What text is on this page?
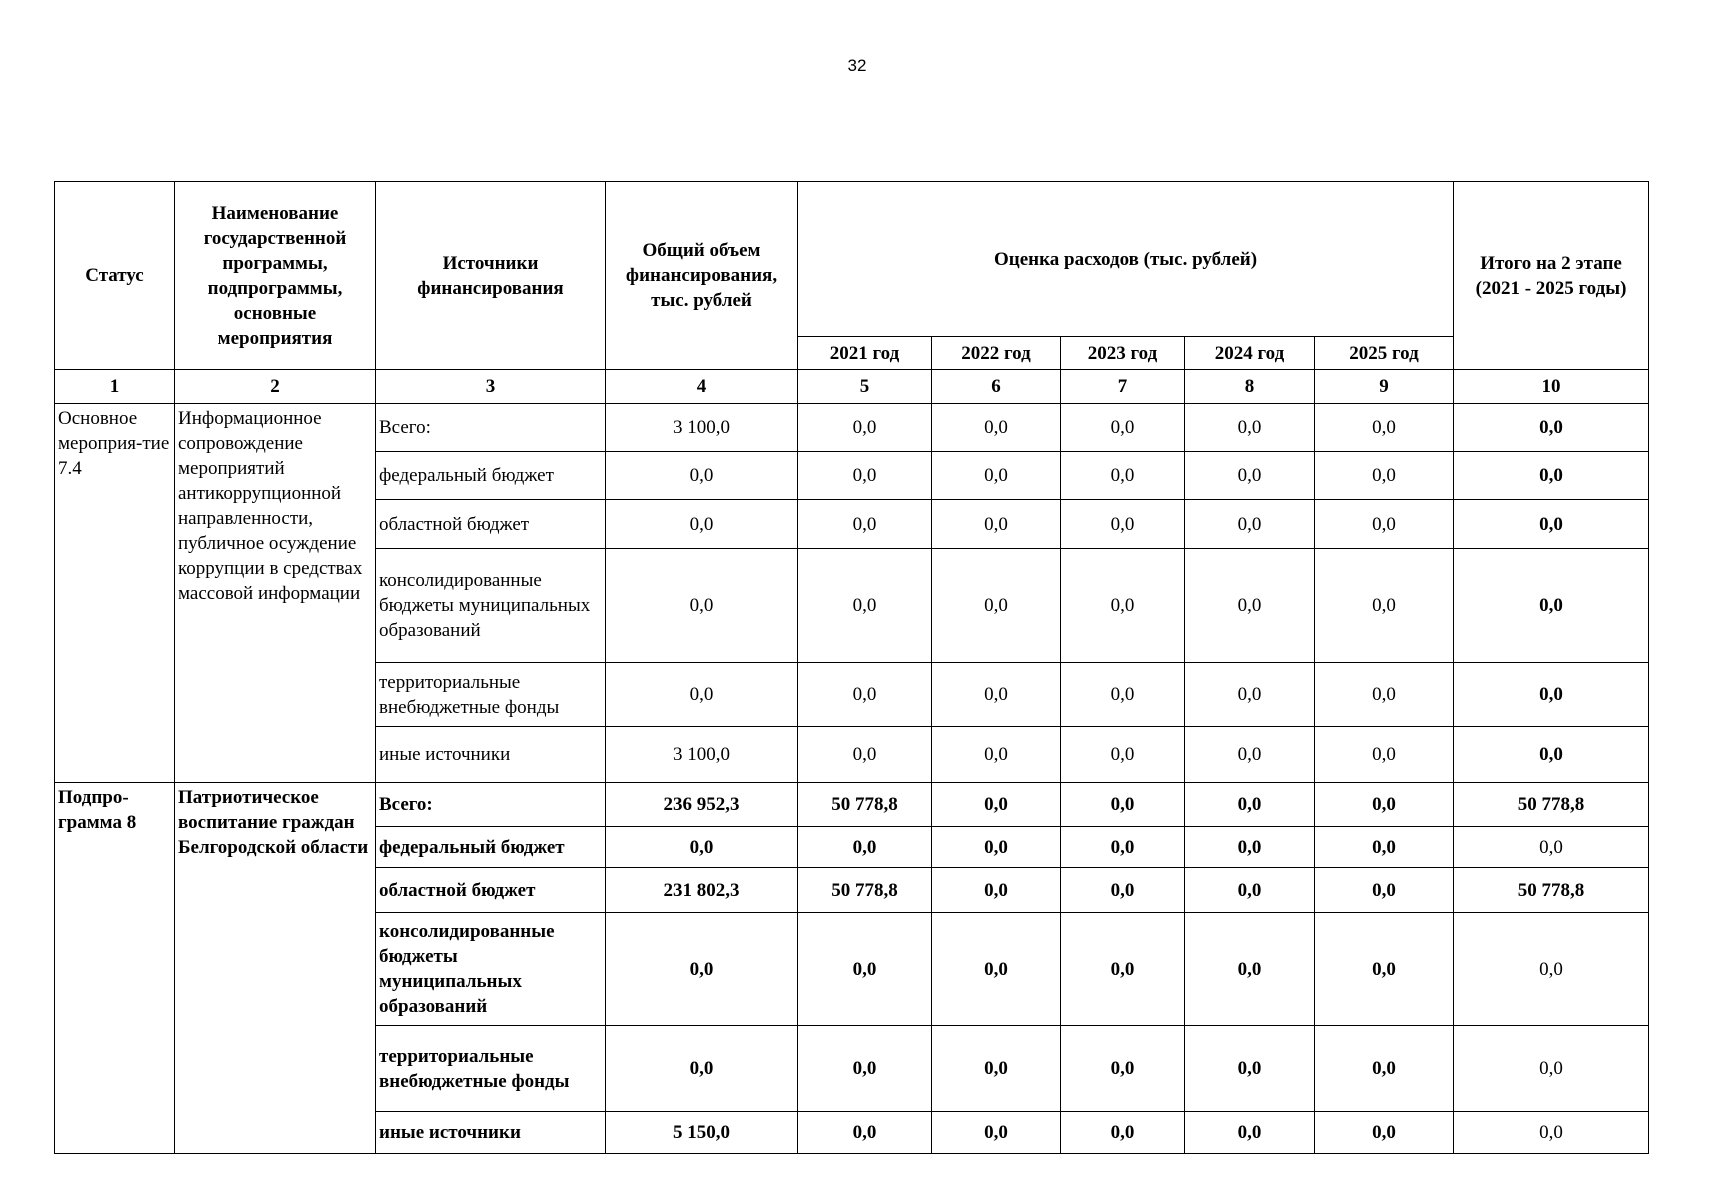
32
Статус	Наименование государственной программы, подпрограммы, основные мероприятия	Источники финансирования	Общий объем финансирования, тыс. рублей	Оценка расходов (тыс. рублей)					Итого на 2 этапе (2021 - 2025 годы)
				2021 год	2022 год	2023 год	2024 год	2025 год	
1	2	3	4	5	6	7	8	9	10
Основное мероприя-тие 7.4	Информационное сопровождение мероприятий антикоррупционной направленности, публичное осуждение коррупции в средствах массовой информации	Всего:	3 100,0	0,0	0,0	0,0	0,0	0,0	0,0
		федеральный бюджет	0,0	0,0	0,0	0,0	0,0	0,0	0,0
		областной бюджет	0,0	0,0	0,0	0,0	0,0	0,0	0,0
		консолидированные бюджеты муниципальных образований	0,0	0,0	0,0	0,0	0,0	0,0	0,0
		территориальные внебюджетные фонды	0,0	0,0	0,0	0,0	0,0	0,0	0,0
		иные источники	3 100,0	0,0	0,0	0,0	0,0	0,0	0,0
Подпро-грамма 8	Патриотическое воспитание граждан Белгородской области	Всего:	236 952,3	50 778,8	0,0	0,0	0,0	0,0	50 778,8
		федеральный бюджет	0,0	0,0	0,0	0,0	0,0	0,0	0,0
		областной бюджет	231 802,3	50 778,8	0,0	0,0	0,0	0,0	50 778,8
		консолидированные бюджеты муниципальных образований	0,0	0,0	0,0	0,0	0,0	0,0	0,0
		территориальные внебюджетные фонды	0,0	0,0	0,0	0,0	0,0	0,0	0,0
		иные источники	5 150,0	0,0	0,0	0,0	0,0	0,0	0,0
